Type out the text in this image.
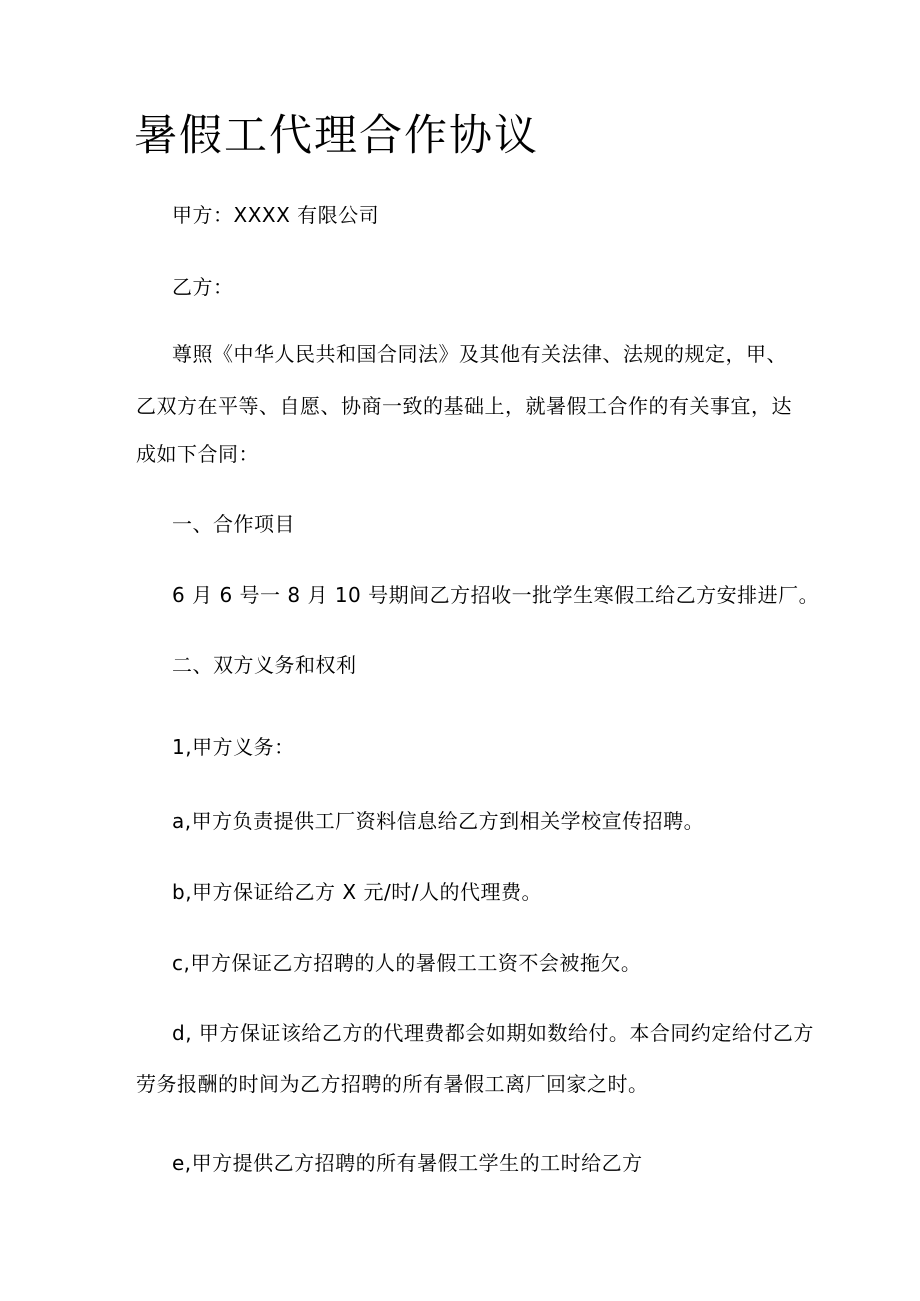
暑假工代理合作协议

甲方：XXXX 有限公司

乙方：

尊照《中华人民共和国合同法》及其他有关法律、法规的规定，甲、

乙双方在平等、自愿、协商一致的基础上，就暑假工合作的有关事宜，达

成如下合同：

一、合作项目

6 月 6 号一 8 月 10 号期间乙方招收一批学生寒假工给乙方安排进厂。

二、双方义务和权利

1,甲方义务：

a,甲方负责提供工厂资料信息给乙方到相关学校宣传招聘。

b,甲方保证给乙方 X 元/时/人的代理费。

c,甲方保证乙方招聘的人的暑假工工资不会被拖欠。

d, 甲方保证该给乙方的代理费都会如期如数给付。本合同约定给付乙方

劳务报酬的时间为乙方招聘的所有暑假工离厂回家之时。

e,甲方提供乙方招聘的所有暑假工学生的工时给乙方
